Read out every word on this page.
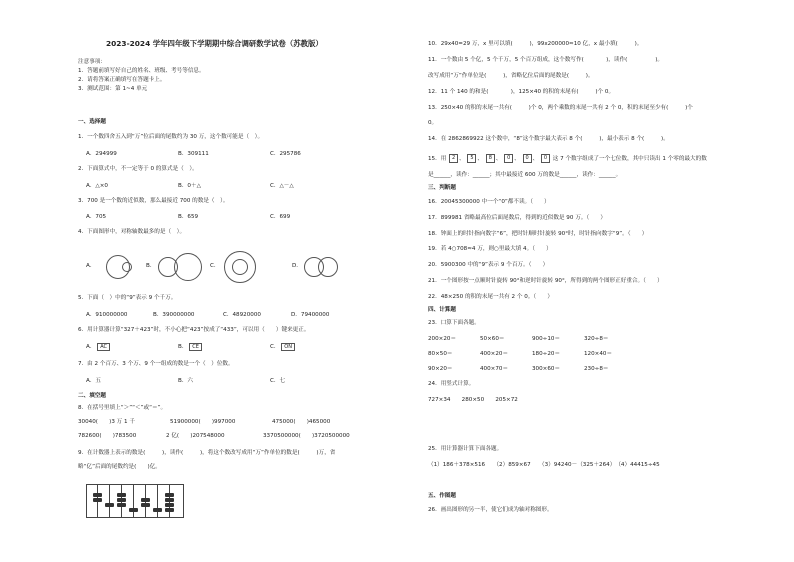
2023-2024 学年四年级下学期期中综合调研数学试卷（苏教版）
注意事项：
1．答题前填写好自己的姓名、班级、考号等信息。
2．请将答案正确填写在答题卡上。
3．测试范围：第 1~4 单元
一、选择题
1．一个数四舍五入到“万”位后面的尾数约为 30 万，这个数可能是（　）。
A．294999	B．309111	C．295786
2．下面算式中，不一定等于 0 的算式是（　）。
A．△×0	B．0＋△	C．△－△
3．700 是一个数的近似数，那么最接近 700 的数是（　）。
A．705	B．659	C．699
4．下面图形中，对称轴数最多的是（　）。
A．	B．	C．	D．
5．下面（　）中的“9”表示 9 个千万。
A．910000000	B．390000000	C．48920000	D．79400000
6．用计算器计算“327＋423”时，不小心把“423”按成了“433”，可以用（　　）键来更正。
A． AC	B． CE	C． ON
7．由 2 个百万、3 个万、9 个一组成的数是一个（　）位数。
A．五	B．六	C．七
二、填空题
8．在括号里填上“＞”“＜”或“＝”。
30040(　　)3 万 1 千	51900000(　　)997000	475000(　　)465000
782600(　　)783500	2 亿(　　)207548000	3370500000(　　)3720500000
9．在计数器上表示的数是(　　　)，读作(　　　)，将这个数改写成用“万”作单位的数是(　　　)万，省
略“亿”后面的尾数约是(　　)亿。
10．29x40=29 万，x 里可以填(　　　)，99x200000≈10 亿，x 最小填(　　　)。
11．一个数由 5 个亿，5 个千万，5 个百万组成，这个数写作(　　　　)，读作(　　　　　)。
改写成用“万”作单位是(　　　)，省略亿位后面的尾数是(　　　)。
12．11 个 140 的和是(　　　　)，125×40 的积的末尾有(　　　)个 0。
13．250×40 的积的末尾一共有(　　　)个 0，两个乘数的末尾一共有 2 个 0，积的末尾至少有(　　　)个
0。
14．在 2862869922 这个数中，“8”这个数字最大表示 8 个(　　　)，最小表示 8 个(　　　)。
15．用 2 、 5 、 8 、 0 、 0 、 0 这 7 个数字组成了一个七位数，其中只读出 1 个零的最大的数
是______，读作：______；其中最接近 600 万的数是______，读作：______。
三、判断题
16．20045300000 中一个“0”都不读。（　　）
17．899981 省略最高位后面尾数后，得到的近似数是 90 万。（　　）
18．钟面上的时针指向数字“6”，把时针顺时针旋转 90°时，时针指向数字“9”。（　　）
19．若 4○708≈4 万，则○里最大填 4。（　　）
20．5900300 中的“9”表示 9 个百万。（　　）
21．一个图形按一点顺时针旋转 90°和逆时针旋转 90°，所得到的两个图形正好重合。（　　）
22．48×250 的积的末尾一共有 2 个 0。（　　）
四、计算题
23．口算下面各题。
200×20＝	50×60＝	900÷10＝	320÷8＝
80×50＝	400×20＝	180÷20＝	120×40＝
90×20＝	400×70＝	300×60＝	230÷8＝
24．用竖式计算。
727×34　　280×50　　205×72
25．用计算器计算下面各题。
（1）186＋378×516　　（2）859×67　　（3）94240－（325＋264）　（4）44415÷45
五、作图题
26．画出图形的另一半，使它们成为轴对称图形。
